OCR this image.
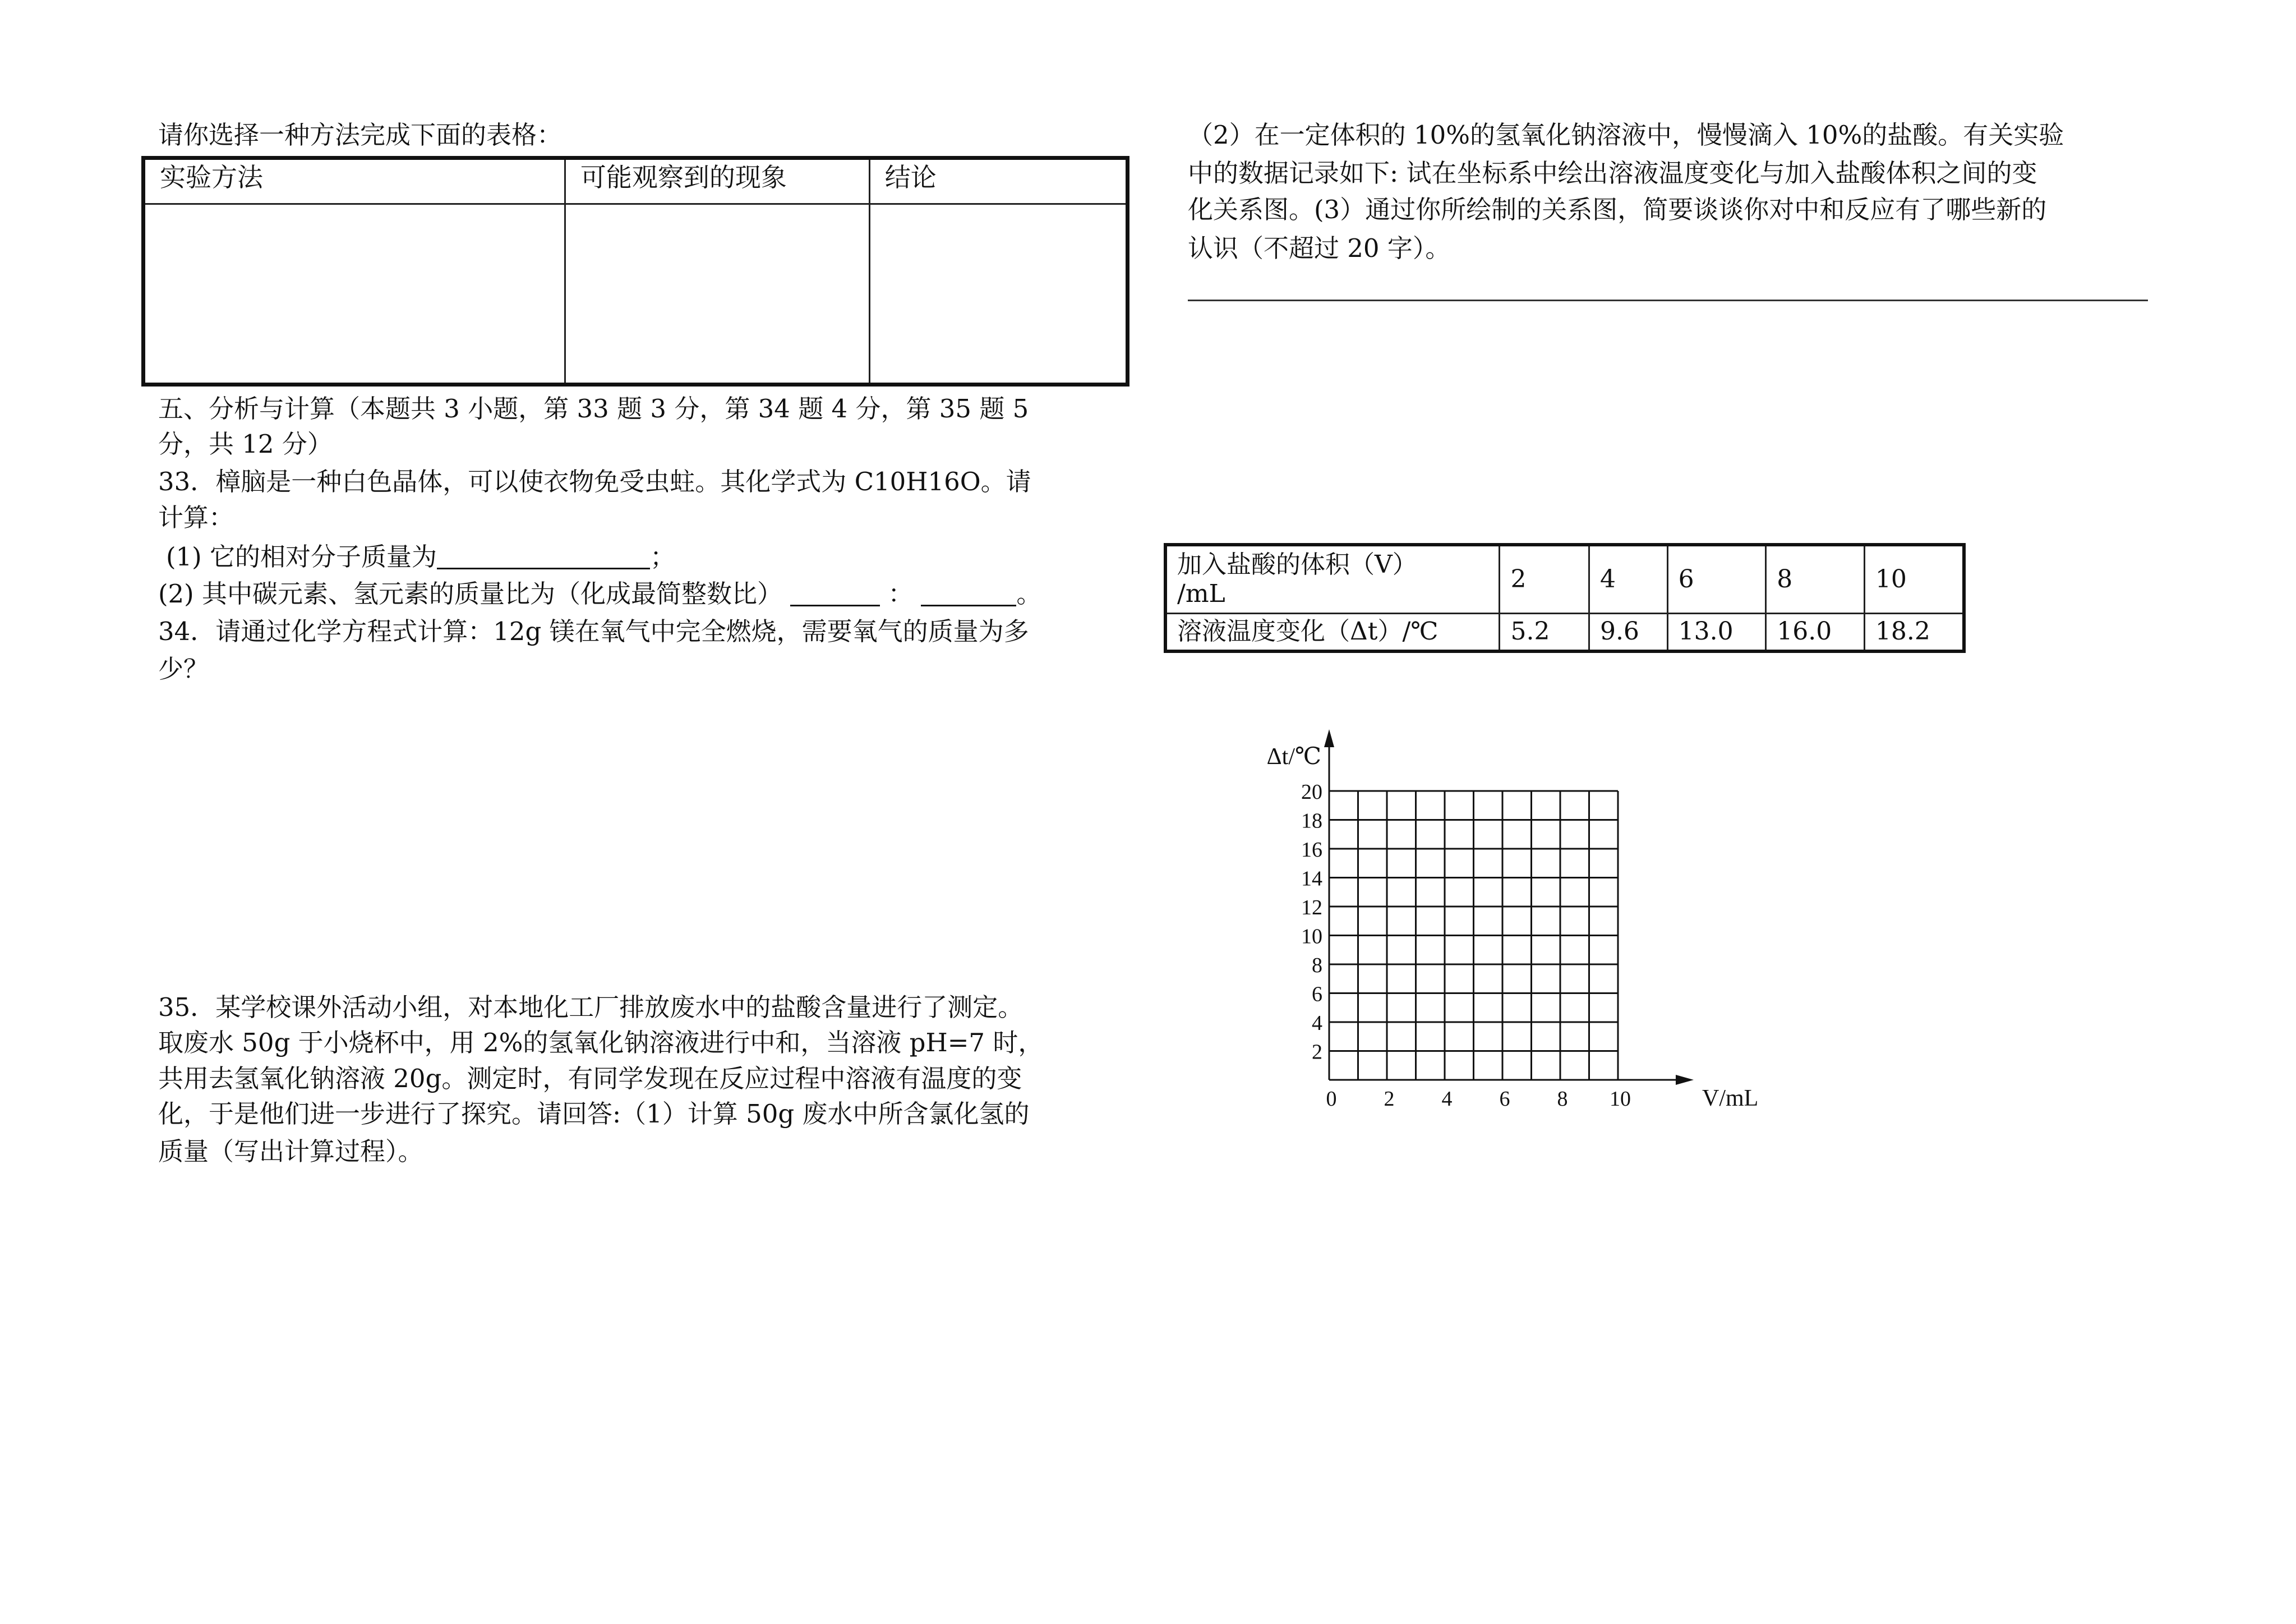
请你选择一种方法完成下面的表格：
实验方法	可能观察到的现象	结论

五、分析与计算（本题共 3 小题，第 33 题 3 分，第 34 题 4 分，第 35 题 5
分，共 12 分）
33．樟脑是一种白色晶体，可以使衣物免受虫蛀。其化学式为 C10H16O。请
计算：
(1) 它的相对分子质量为	；
(2) 其中碳元素、氢元素的质量比为（化成最简整数比）	：	。
34．请通过化学方程式计算：12g 镁在氧气中完全燃烧，需要氧气的质量为多
少？
35．某学校课外活动小组，对本地化工厂排放废水中的盐酸含量进行了测定。
取废水 50g 于小烧杯中，用 2%的氢氧化钠溶液进行中和，当溶液 pH=7 时，
共用去氢氧化钠溶液 20g。测定时，有同学发现在反应过程中溶液有温度的变
化，于是他们进一步进行了探究。请回答:（1）计算 50g 废水中所含氯化氢的
质量（写出计算过程）。
（2）在一定体积的 10%的氢氧化钠溶液中，慢慢滴入 10%的盐酸。有关实验
中的数据记录如下: 试在坐标系中绘出溶液温度变化与加入盐酸体积之间的变
化关系图。(3）通过你所绘制的关系图，简要谈谈你对中和反应有了哪些新的
认识（不超过 20 字）。
加入盐酸的体积（V）
/mL	2	4	6	8	10
溶液温度变化（Δt）/℃	5.2	9.6	13.0	16.0	18.2
20
18
16
14
12
10
8
6
4
2
0 2 4 6 8 10
Δt/℃
V/mL
